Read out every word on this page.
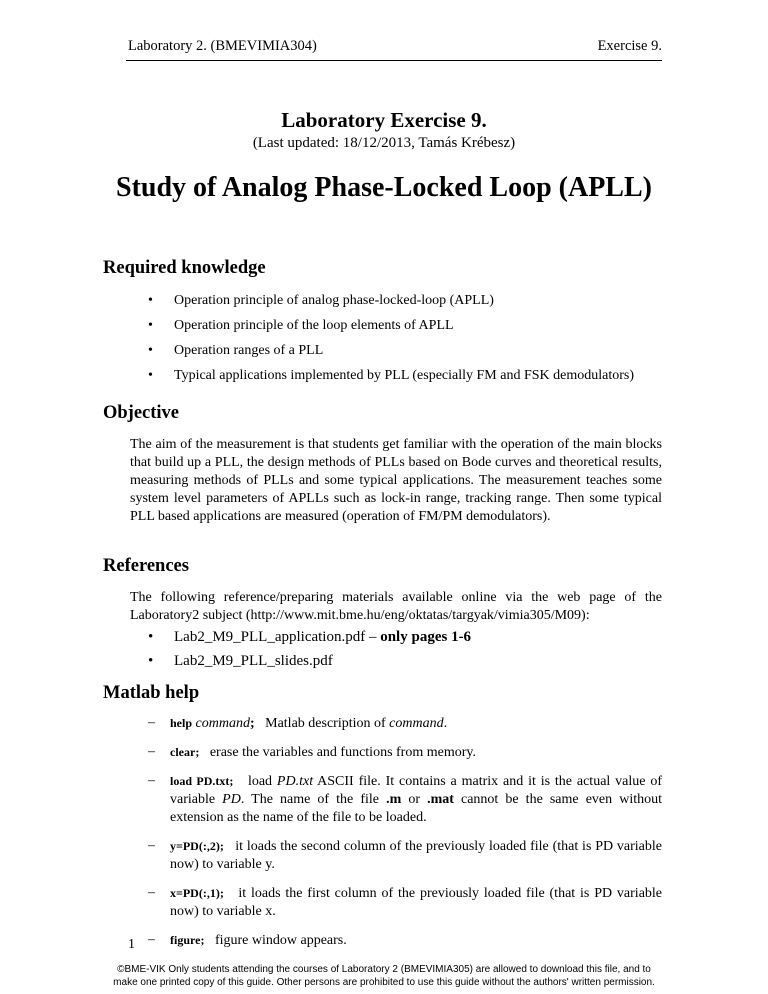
Laboratory 2. (BMEVIMIA304)	Exercise 9.
Laboratory Exercise 9.
(Last updated: 18/12/2013, Tamás Krébesz)
Study of Analog Phase-Locked Loop (APLL)
Required knowledge
• Operation principle of analog phase-locked-loop (APLL)
• Operation principle of the loop elements of APLL
• Operation ranges of a PLL
• Typical applications implemented by PLL (especially FM and FSK demodulators)
Objective

The aim of the measurement is that students get familiar with the operation of the main blocks that build up a PLL, the design methods of PLLs based on Bode curves and theoretical results, measuring methods of PLLs and some typical applications. The measurement teaches some system level parameters of APLLs such as lock-in range, tracking range. Then some typical PLL based applications are measured (operation of FM/PM demodulators).

References

The following reference/preparing materials available online via the web page of the Laboratory2 subject (http://www.mit.bme.hu/eng/oktatas/targyak/vimia305/M09):

• Lab2_M9_PLL_application.pdf – only pages 1-6
• Lab2_M9_PLL_slides.pdf
Matlab help
– help command; Matlab description of command.
– clear; erase the variables and functions from memory.
– load PD.txt; load PD.txt ASCII file. It contains a matrix and it is the actual value of variable PD. The name of the file .m or .mat cannot be the same even without extension as the name of the file to be loaded.
– y=PD(:,2); it loads the second column of the previously loaded file (that is PD variable now) to variable y.
– x=PD(:,1); it loads the first column of the previously loaded file (that is PD variable now) to variable x.
– figure; figure window appears.
1
©BME-VIK Only students attending the courses of Laboratory 2 (BMEVIMIA305) are allowed to download this file, and to
make one printed copy of this guide. Other persons are prohibited to use this guide without the authors' written permission.
